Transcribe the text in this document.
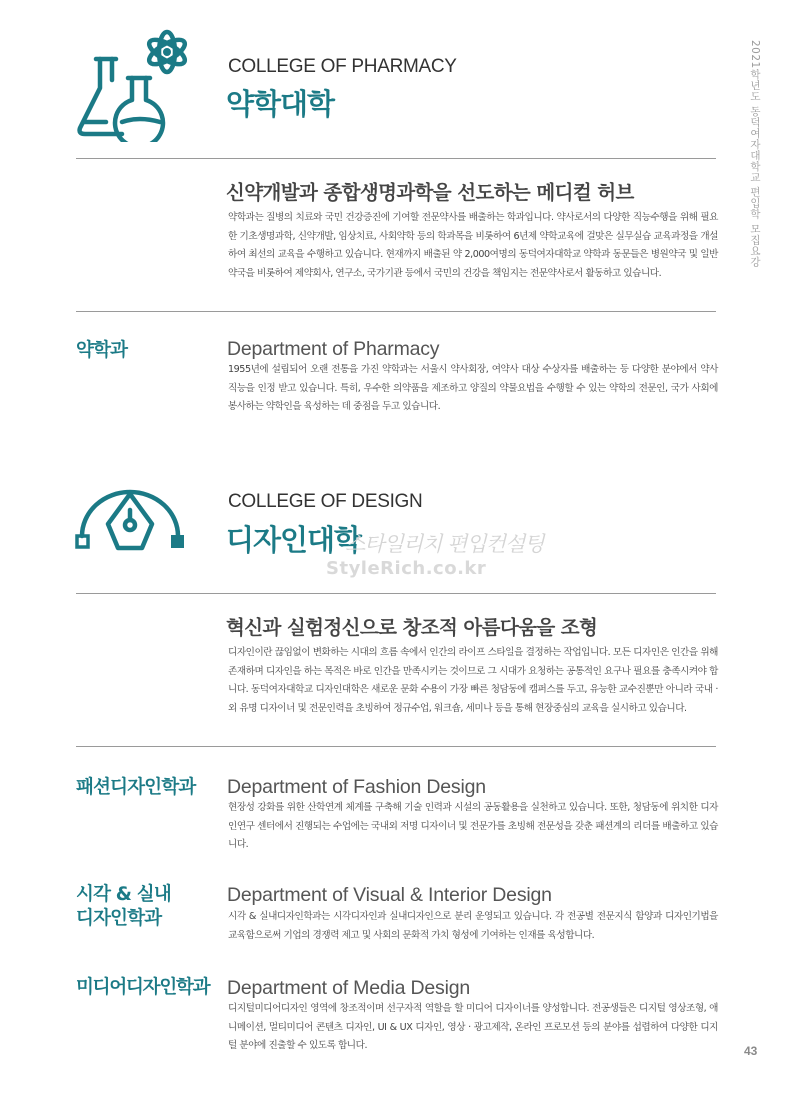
2021학년도 동덕여자대학교 편입학 모집요강
COLLEGE OF PHARMACY
약학대학
신약개발과 종합생명과학을 선도하는 메디컬 허브
약학과는 질병의 치료와 국민 건강증진에 기여할 전문약사를 배출하는 학과입니다. 약사로서의 다양한 직능수행을 위해 필요한 기초생명과학, 신약개발, 임상치료, 사회약학 등의 학과목을 비롯하여 6년제 약학교육에 걸맞은 실무실습 교육과정을 개설하여 최선의 교육을 수행하고 있습니다. 현재까지 배출된 약 2,000여명의 동덕여자대학교 약학과 동문들은 병원약국 및 일반약국을 비롯하여 제약회사, 연구소, 국가기관 등에서 국민의 건강을 책임지는 전문약사로서 활동하고 있습니다.
약학과	Department of Pharmacy
1955년에 설립되어 오랜 전통을 가진 약학과는 서울시 약사회장, 여약사 대상 수상자를 배출하는 등 다양한 분야에서 약사 직능을 인정 받고 있습니다. 특히, 우수한 의약품을 제조하고 양질의 약물요법을 수행할 수 있는 약학의 전문인, 국가 사회에 봉사하는 약학인을 육성하는 데 중점을 두고 있습니다.
COLLEGE OF DESIGN
디자인대학
스타일리치 편입컨설팅
StyleRich.co.kr
혁신과 실험정신으로 창조적 아름다움을 조형
디자인이란 끊임없이 변화하는 시대의 흐름 속에서 인간의 라이프 스타일을 결정하는 작업입니다. 모든 디자인은 인간을 위해 존재하며 디자인을 하는 목적은 바로 인간을 만족시키는 것이므로 그 시대가 요청하는 공통적인 요구나 필요를 충족시켜야 합니다. 동덕여자대학교 디자인대학은 새로운 문화 수용이 가장 빠른 청담동에 캠퍼스를 두고, 유능한 교수진뿐만 아니라 국내 · 외 유명 디자이너 및 전문인력을 초빙하여 정규수업, 워크숍, 세미나 등을 통해 현장중심의 교육을 실시하고 있습니다.
패션디자인학과 Department of Fashion Design
현장성 강화를 위한 산학연계 체계를 구축해 기술 인력과 시설의 공동활용을 실천하고 있습니다. 또한, 청담동에 위치한 디자인연구 센터에서 진행되는 수업에는 국내외 저명 디자이너 및 전문가를 초빙해 전문성을 갖춘 패션계의 리더를 배출하고 있습니다.
시각 & 실내
디자인학과
Department of Visual & Interior Design
시각 & 실내디자인학과는 시각디자인과 실내디자인으로 분리 운영되고 있습니다. 각 전공별 전문지식 함양과 디자인기법을 교육함으로써 기업의 경쟁력 제고 및 사회의 문화적 가치 형성에 기여하는 인재를 육성합니다.
미디어디자인학과 Department of Media Design
디지털미디어디자인 영역에 창조적이며 선구자적 역할을 할 미디어 디자이너를 양성합니다. 전공생들은 디지털 영상조형, 애니메이션, 멀티미디어 콘텐츠 디자인, UI & UX 디자인, 영상 · 광고제작, 온라인 프로모션 등의 분야를 섭렵하여 다양한 디지털 분야에 진출할 수 있도록 합니다.	43
